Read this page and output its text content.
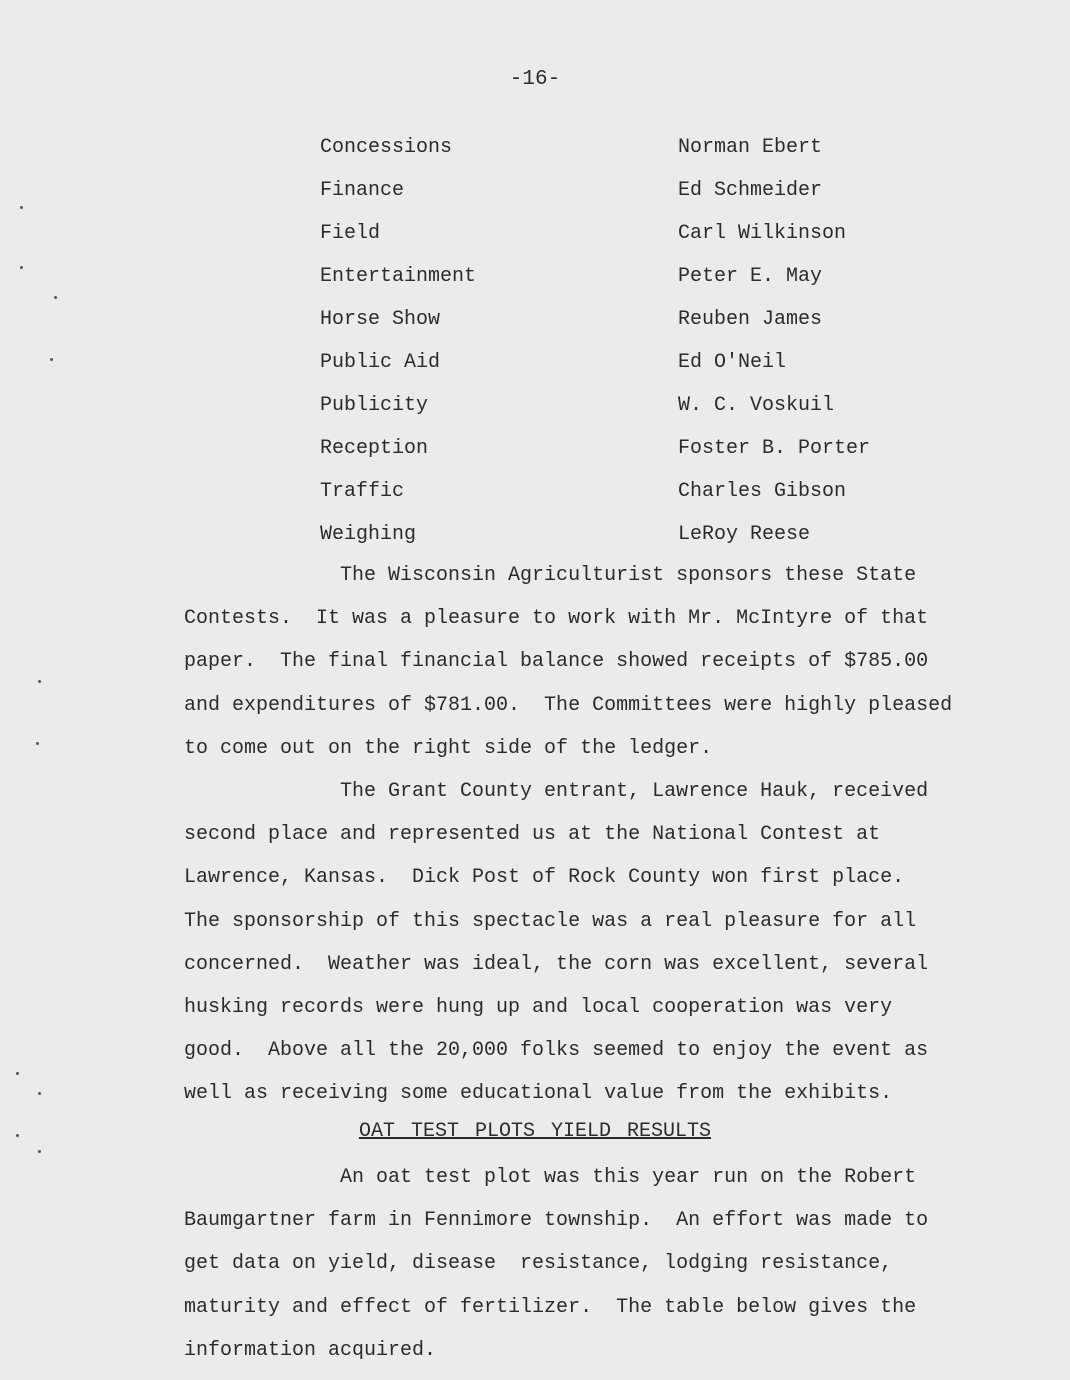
-16-
Concessions	Norman Ebert
Finance	Ed Schmeider
Field	Carl Wilkinson
Entertainment	Peter E. May
Horse Show	Reuben James
Public Aid	Ed O'Neil
Publicity	W. C. Voskuil
Reception	Foster B. Porter
Traffic	Charles Gibson
Weighing	LeRoy Reese
The Wisconsin Agriculturist sponsors these State
Contests.  It was a pleasure to work with Mr. McIntyre of that
paper.  The final financial balance showed receipts of $785.00
and expenditures of $781.00.  The Committees were highly pleased
to come out on the right side of the ledger.
The Grant County entrant, Lawrence Hauk, received
second place and represented us at the National Contest at
Lawrence, Kansas.  Dick Post of Rock County won first place.
The sponsorship of this spectacle was a real pleasure for all
concerned.  Weather was ideal, the corn was excellent, several
husking records were hung up and local cooperation was very
good.  Above all the 20,000 folks seemed to enjoy the event as
well as receiving some educational value from the exhibits.
OAT TEST PLOTS YIELD RESULTS
An oat test plot was this year run on the Robert
Baumgartner farm in Fennimore township.  An effort was made to
get data on yield, disease  resistance, lodging resistance,
maturity and effect of fertilizer.  The table below gives the
information acquired.
